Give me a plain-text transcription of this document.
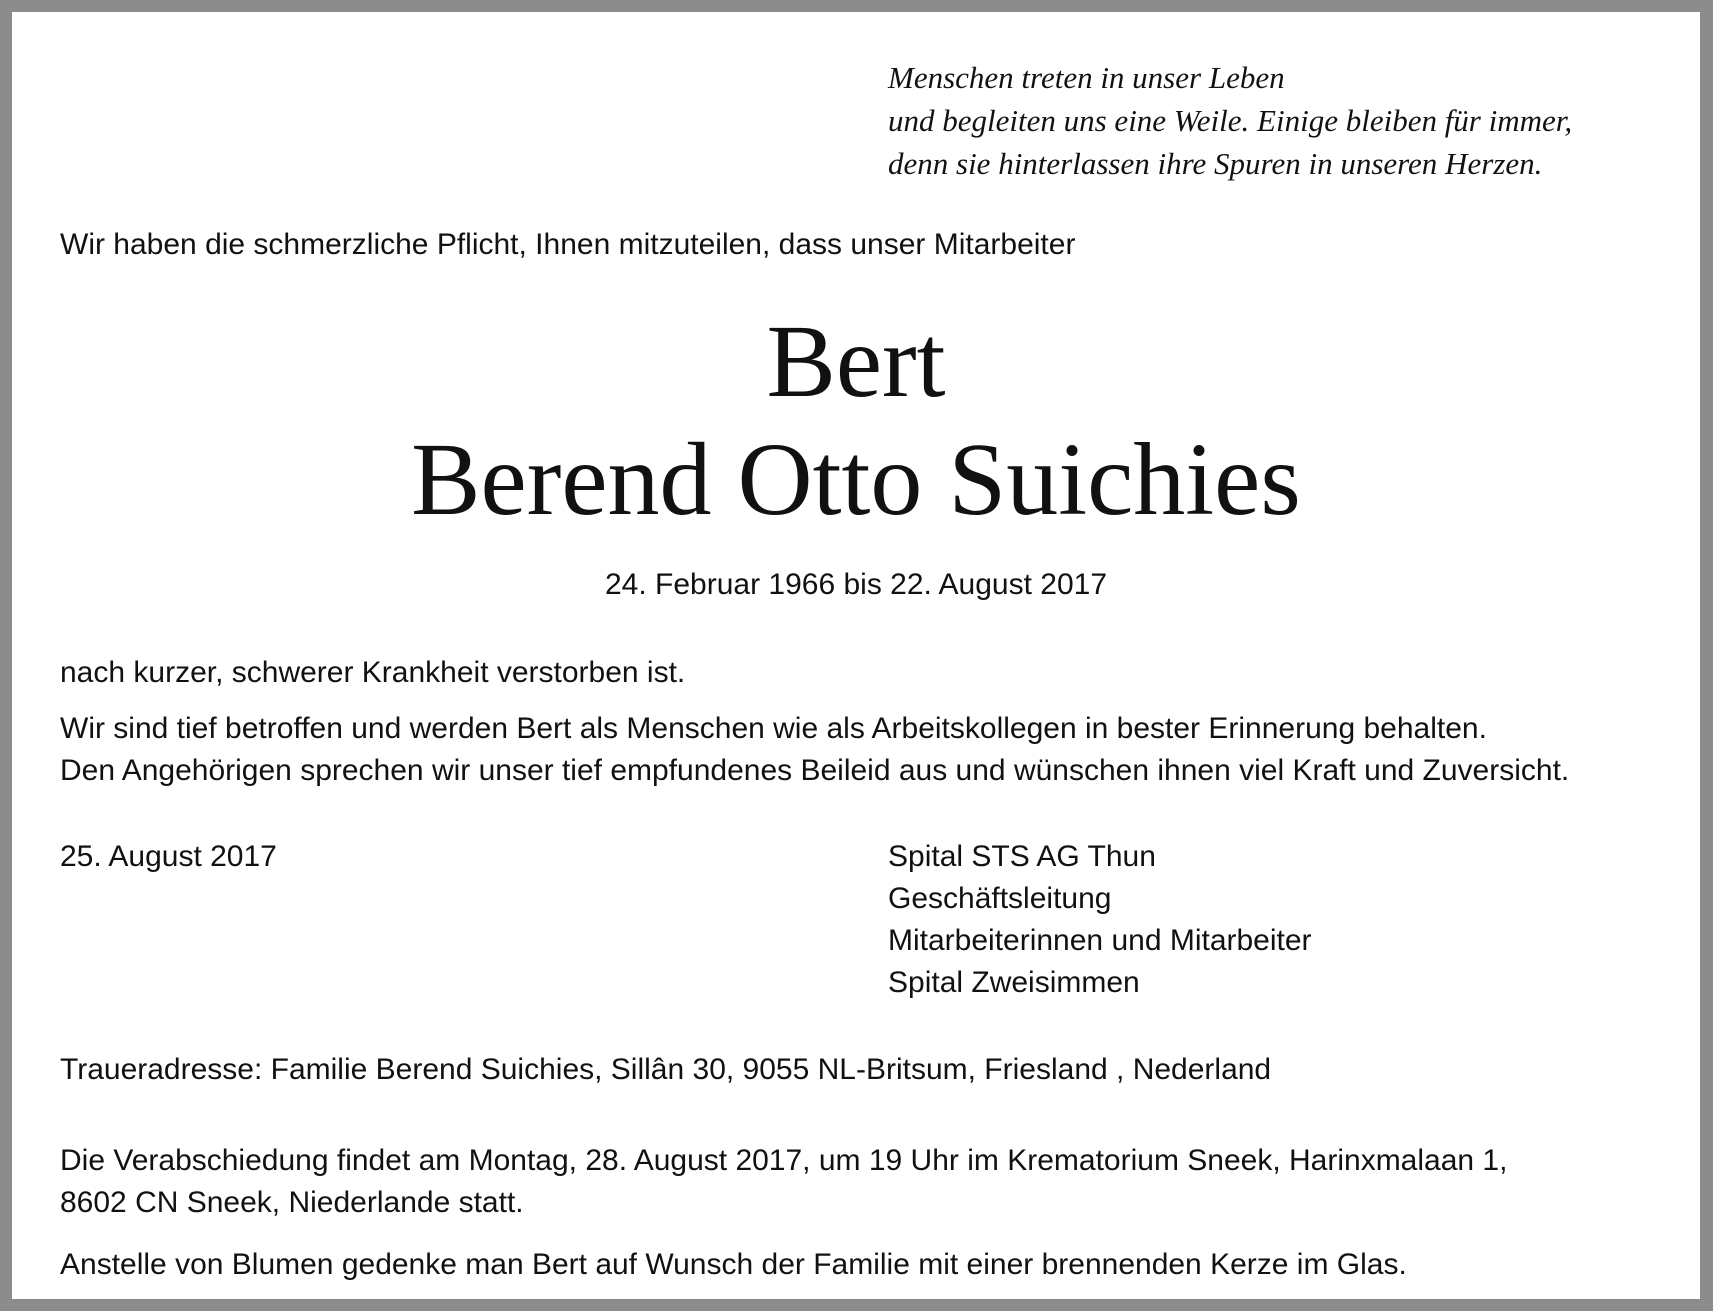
Menschen treten in unser Leben
und begleiten uns eine Weile. Einige bleiben für immer,
denn sie hinterlassen ihre Spuren in unseren Herzen.
Wir haben die schmerzliche Pflicht, Ihnen mitzuteilen, dass unser Mitarbeiter
Bert
Berend Otto Suichies
24. Februar 1966 bis 22. August 2017
nach kurzer, schwerer Krankheit verstorben ist.
Wir sind tief betroffen und werden Bert als Menschen wie als Arbeitskollegen in bester Erinnerung behalten.
Den Angehörigen sprechen wir unser tief empfundenes Beileid aus und wünschen ihnen viel Kraft und Zuversicht.
25. August 2017	Spital STS AG Thun
Geschäftsleitung
Mitarbeiterinnen und Mitarbeiter
Spital Zweisimmen
Traueradresse: Familie Berend Suichies, Sillân 30, 9055 NL-Britsum, Friesland , Nederland
Die Verabschiedung findet am Montag, 28. August 2017, um 19 Uhr im Krematorium Sneek, Harinxmalaan 1,
8602 CN Sneek, Niederlande statt.
Anstelle von Blumen gedenke man Bert auf Wunsch der Familie mit einer brennenden Kerze im Glas.
